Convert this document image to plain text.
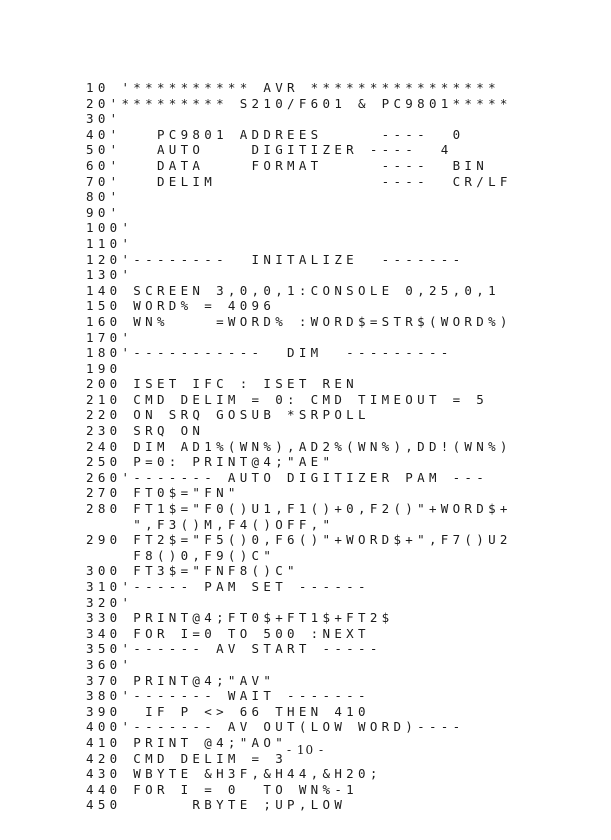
10 '********** AVR ****************
20'********* S210/F601 & PC9801*****
30'
40'   PC9801 ADDREES     ----  0
50'   AUTO    DIGITIZER ----  4
60'   DATA    FORMAT     ----  BIN
70'   DELIM              ----  CR/LF
80'
90'
100'
110'
120'--------  INITALIZE  -------
130'
140 SCREEN 3,0,0,1:CONSOLE 0,25,0,1
150 WORD% = 4096
160 WN%    =WORD% :WORD$=STR$(WORD%)
170'
180'-----------  DIM  ---------
190
200 ISET IFC : ISET REN
210 CMD DELIM = 0: CMD TIMEOUT = 5
220 ON SRQ GOSUB *SRPOLL
230 SRQ ON
240 DIM AD1%(WN%),AD2%(WN%),DD!(WN%)
250 P=0: PRINT@4;"AE"
260'------- AUTO DIGITIZER PAM ---
270 FT0$="FN"
280 FT1$="F0()U1,F1()+0,F2()"+WORD$+
",F3()M,F4()OFF,"
290 FT2$="F5()0,F6()"+WORD$+",F7()U2
F8()0,F9()C"
300 FT3$="FNF8()C"
310'----- PAM SET ------
320'
330 PRINT@4;FT0$+FT1$+FT2$
340 FOR I=0 TO 500 :NEXT
350'------ AV START -----
360'
370 PRINT@4;"AV"
380'------- WAIT -------
390  IF P <> 66 THEN 410
400'------- AV OUT(LOW WORD)----
410 PRINT @4;"AO"
420 CMD DELIM = 3
430 WBYTE &H3F,&H44,&H20;
440 FOR I = 0  TO WN%-1
450      RBYTE ;UP,LOW
- 10 -
